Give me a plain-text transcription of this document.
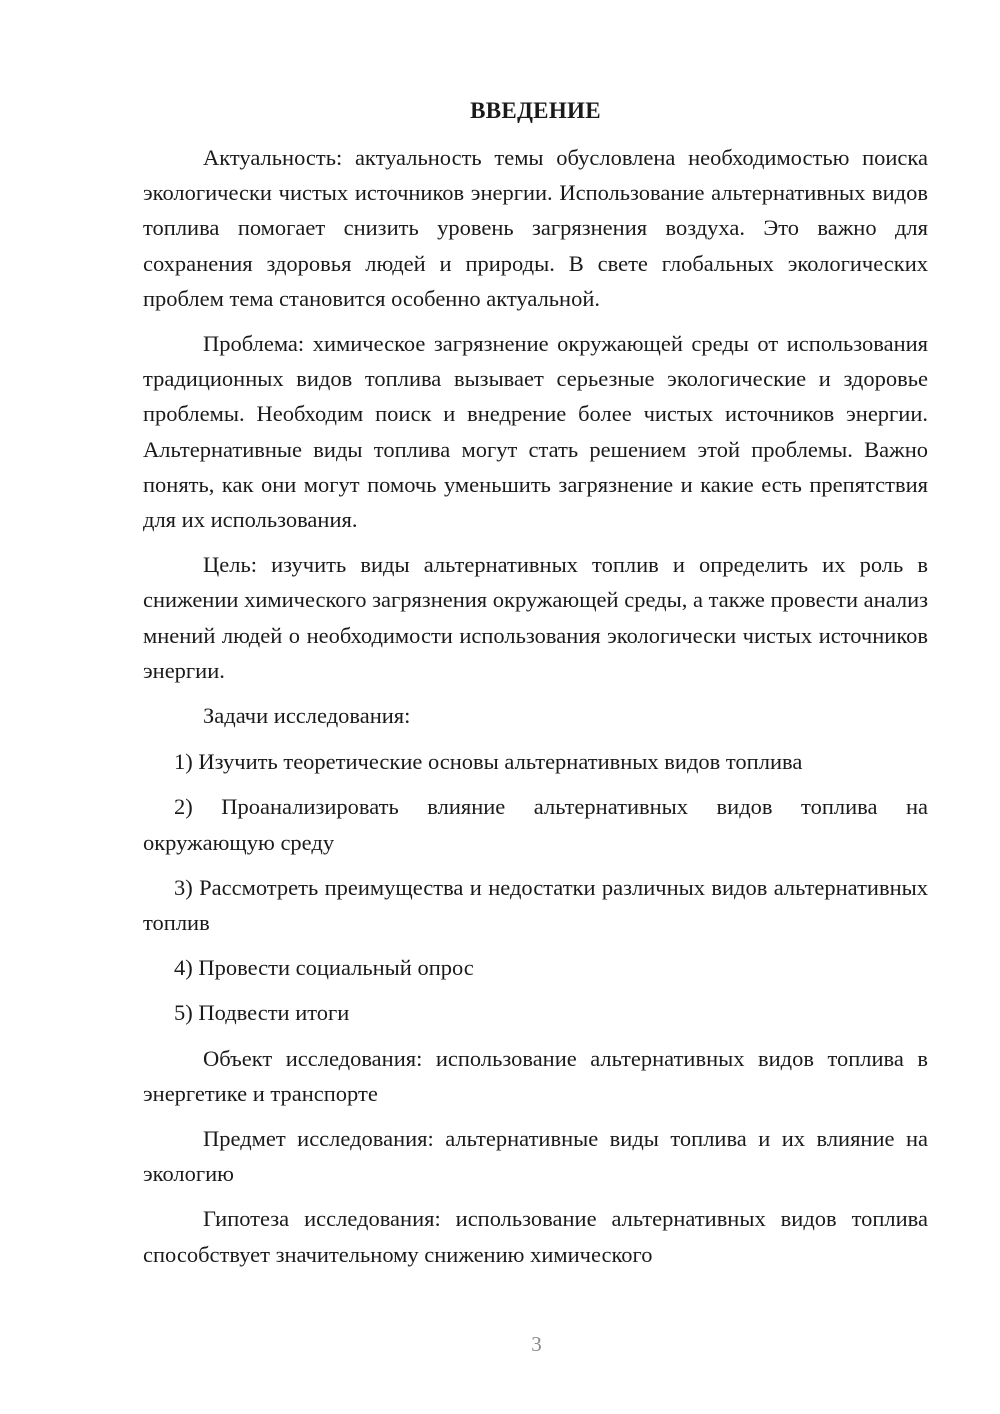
ВВЕДЕНИЕ

Актуальность: актуальность темы обусловлена необходимостью поиска экологически чистых источников энергии. Использование альтернативных видов топлива помогает снизить уровень загрязнения воздуха. Это важно для сохранения здоровья людей и природы. В свете глобальных экологических проблем тема становится особенно актуальной.

Проблема: химическое загрязнение окружающей среды от использования традиционных видов топлива вызывает серьезные экологические и здоровье проблемы. Необходим поиск и внедрение более чистых источников энергии. Альтернативные виды топлива могут стать решением этой проблемы. Важно понять, как они могут помочь уменьшить загрязнение и какие есть препятствия для их использования.

Цель: изучить виды альтернативных топлив и определить их роль в снижении химического загрязнения окружающей среды, а также провести анализ мнений людей о необходимости использования экологически чистых источников энергии.

Задачи исследования:

1) Изучить теоретические основы альтернативных видов топлива

2) Проанализировать влияние альтернативных видов топлива на окружающую среду

3) Рассмотреть преимущества и недостатки различных видов альтернативных топлив

4) Провести социальный опрос

5) Подвести итоги

Объект исследования: использование альтернативных видов топлива в энергетике и транспорте

Предмет исследования: альтернативные виды топлива и их влияние на экологию

Гипотеза исследования: использование альтернативных видов топлива способствует значительному снижению химического

3
